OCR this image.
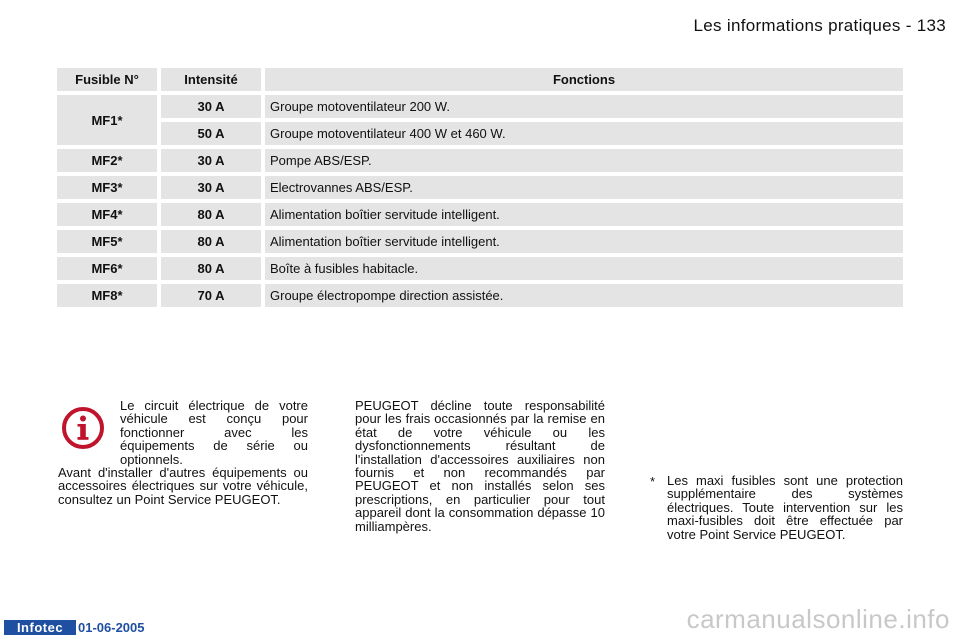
Les informations pratiques - 133
Fusible N°	Intensité	Fonctions
MF1*
30 A	Groupe motoventilateur 200 W.
50 A	Groupe motoventilateur 400 W et 460 W.
MF2*	30 A	Pompe ABS/ESP.
MF3*	30 A	Electrovannes ABS/ESP.
MF4*	80 A	Alimentation boîtier servitude intelligent.
MF5*	80 A	Alimentation boîtier servitude intelligent.
MF6*	80 A	Boîte à fusibles habitacle.
MF8*	70 A	Groupe électropompe direction assistée.
Le circuit électrique de votre véhicule est conçu pour fonctionner avec les équipements de série ou optionnels.
Avant d'installer d'autres équipements ou accessoires électriques sur votre véhicule, consultez un Point Service PEUGEOT.
PEUGEOT décline toute responsabilité pour les frais occasionnés par la remise en état de votre véhicule ou les dysfonctionnements résultant de l'installation d'accessoires auxiliaires non fournis et non recommandés par PEUGEOT et non installés selon ses prescriptions, en particulier pour tout appareil dont la consommation dépasse 10 milliampères.
* Les maxi fusibles sont une protection supplémentaire des systèmes électriques. Toute intervention sur les maxi-fusibles doit être effectuée par votre Point Service PEUGEOT.
Infotec	01-06-2005	carmanualsonline.info
